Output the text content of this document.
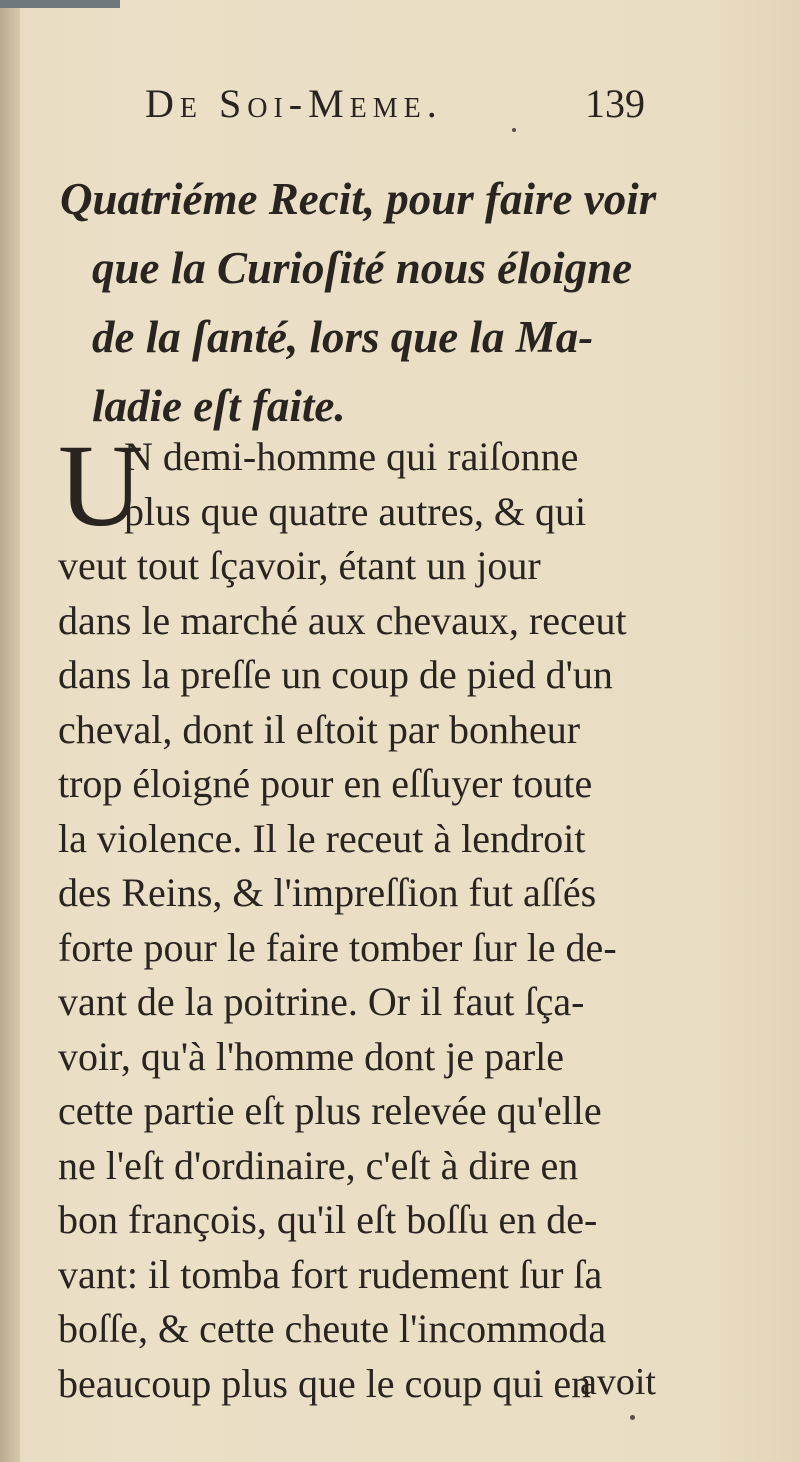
De Soi-Meme.	139
Quatriéme Recit, pour faire voir
que la Curioſité nous éloigne
de la ſanté, lors que la Ma-
ladie eſt faite.
U
N demi-homme qui raiſonne
plus que quatre autres, & qui
veut tout ſçavoir, étant un jour
dans le marché aux chevaux, receut
dans la preſſe un coup de pied d'un
cheval, dont il eſtoit par bonheur
trop éloigné pour en eſſuyer toute
la violence. Il le receut à lendroit
des Reins, & l'impreſſion fut aſſés
forte pour le faire tomber ſur le de-
vant de la poitrine. Or il faut ſça-
voir, qu'à l'homme dont je parle
cette partie eſt plus relevée qu'elle
ne l'eſt d'ordinaire, c'eſt à dire en
bon françois, qu'il eſt boſſu en de-
vant: il tomba fort rudement ſur ſa
boſſe, & cette cheute l'incommoda
beaucoup plus que le coup qui en
avoit
